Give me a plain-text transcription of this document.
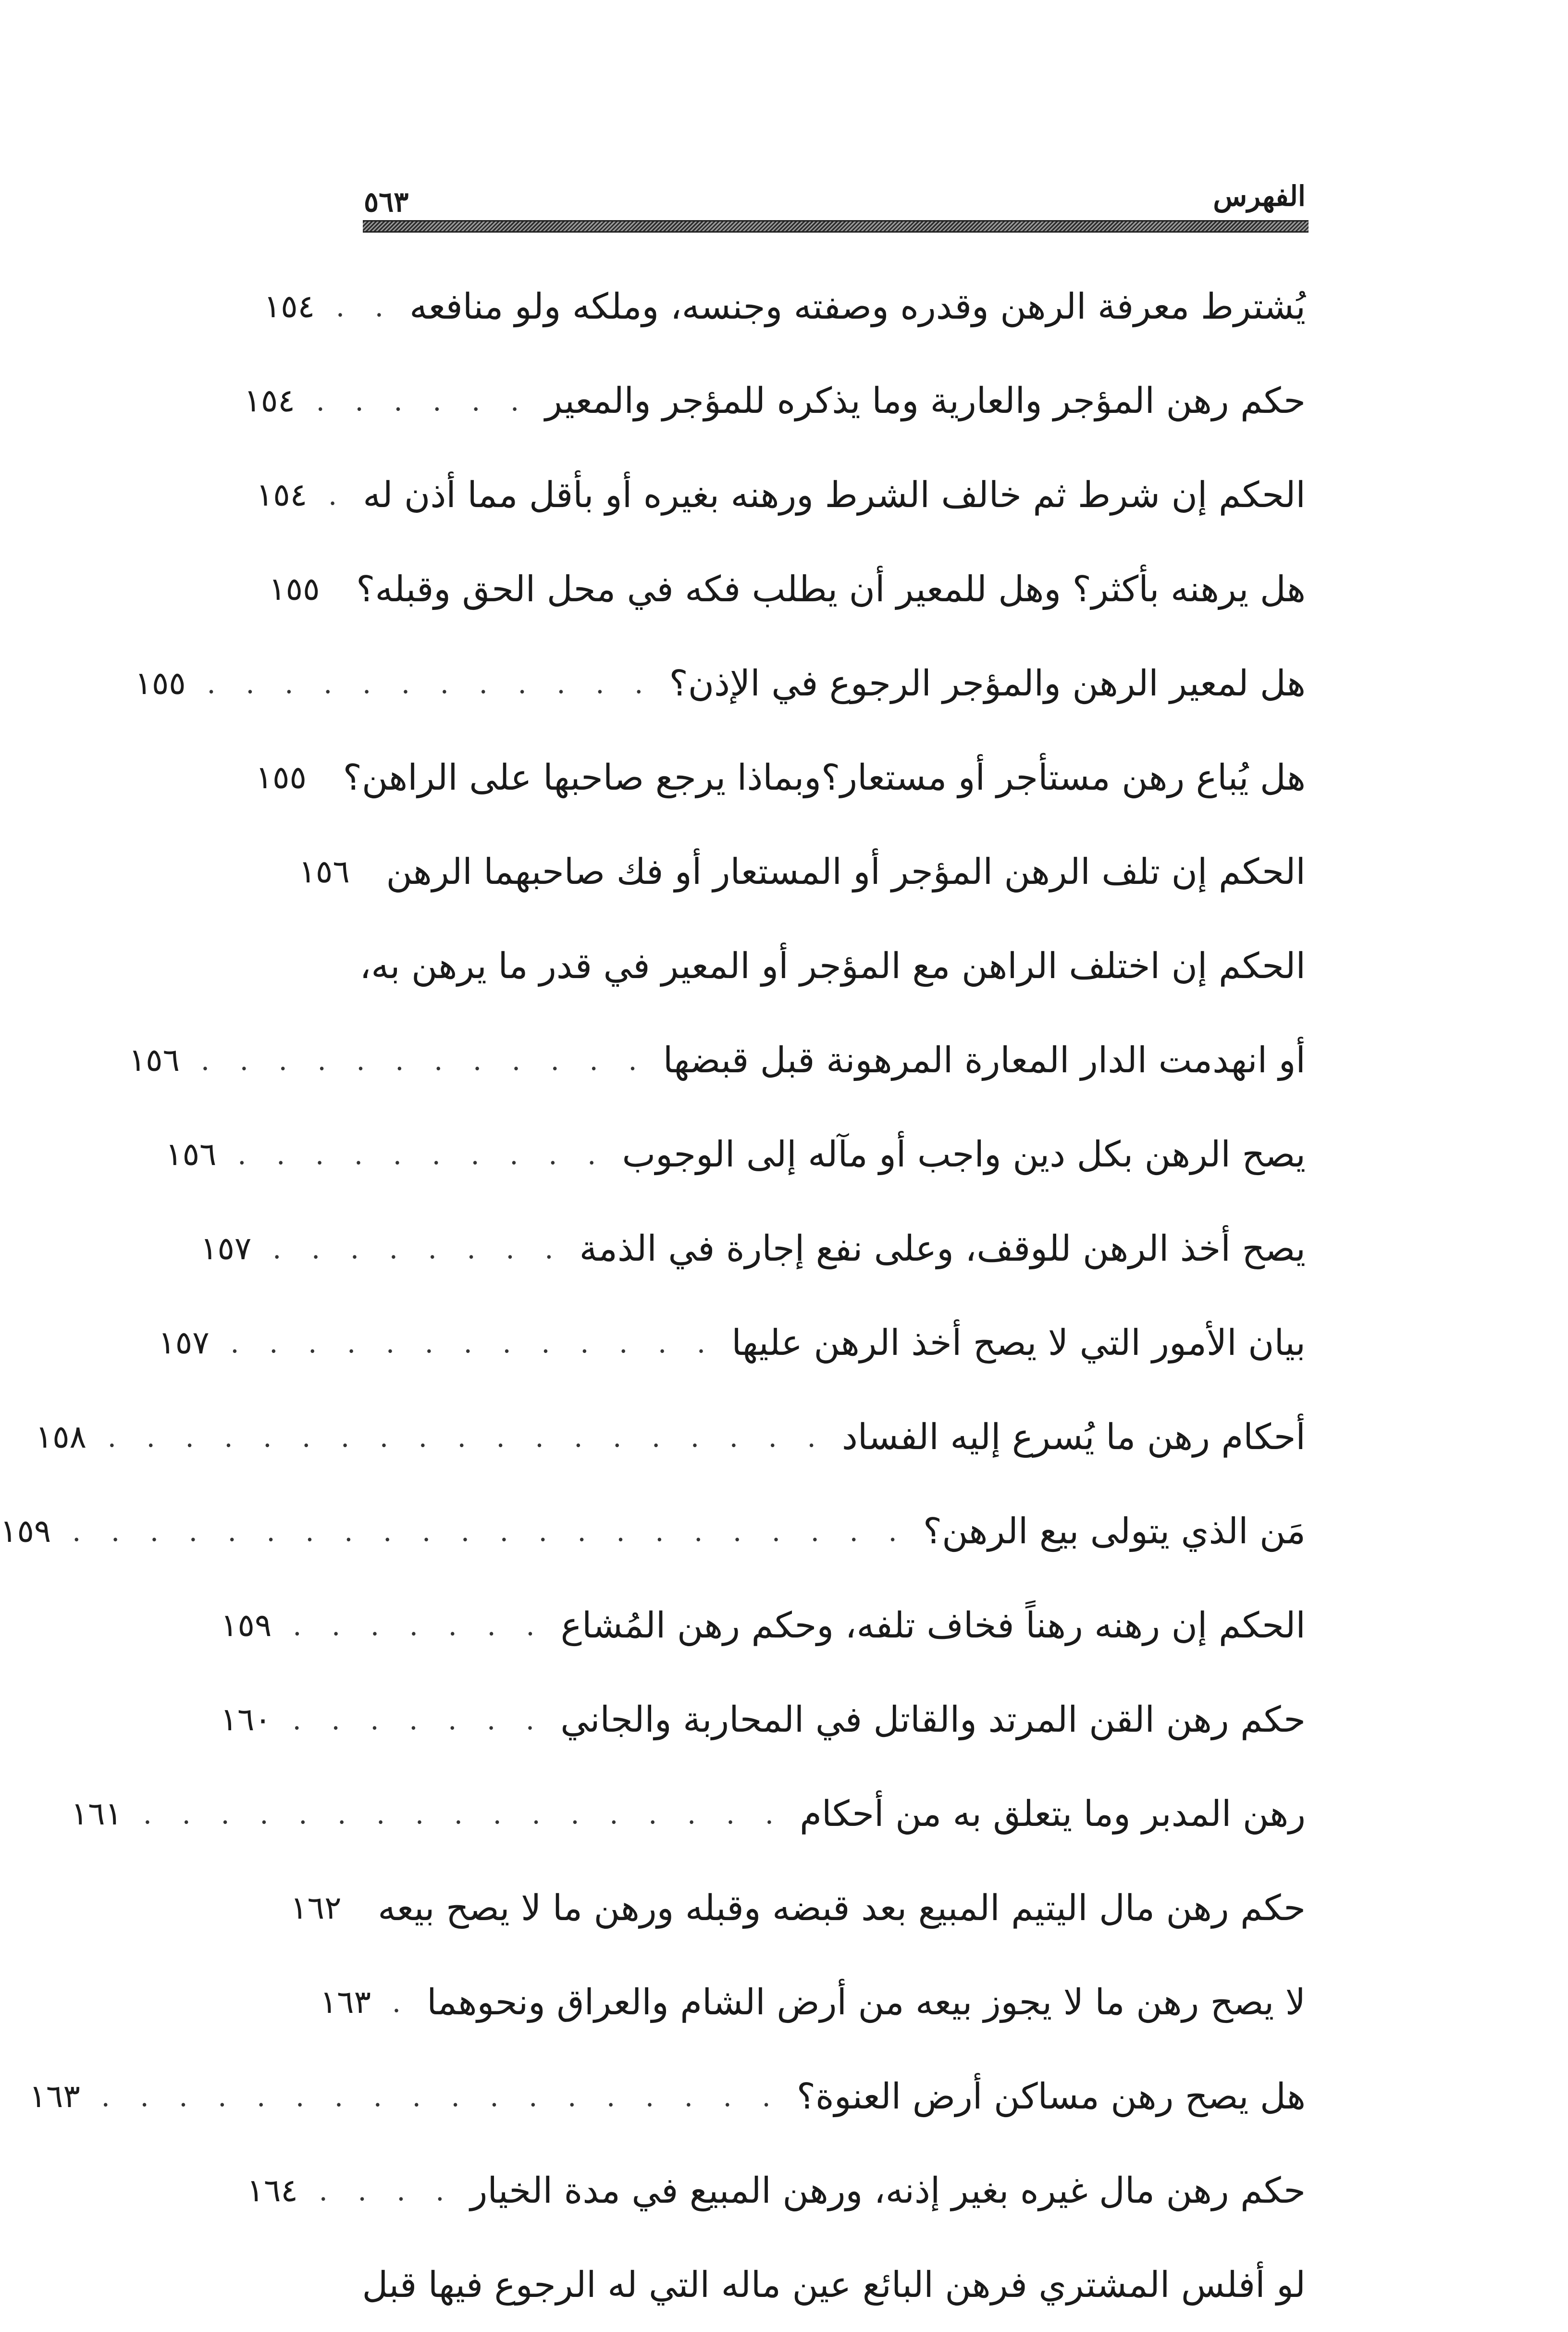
الفهرس
٥٦٣
يُشترط معرفة الرهن وقدره وصفته وجنسه، وملكه ولو منافعه
. .
١٥٤
حكم رهن المؤجر والعارية وما يذكره للمؤجر والمعير
. . . . . .
١٥٤
الحكم إن شرط ثم خالف الشرط ورهنه بغيره أو بأقل مما أذن له
.
١٥٤
هل يرهنه بأكثر؟ وهل للمعير أن يطلب فكه في محل الحق وقبله؟
١٥٥
هل لمعير الرهن والمؤجر الرجوع في الإذن؟
. . . . . . . . . . . .
١٥٥
هل يُباع رهن مستأجر أو مستعار؟وبماذا يرجع صاحبها على الراهن؟
١٥٥
الحكم إن تلف الرهن المؤجر أو المستعار أو فك صاحبهما الرهن
١٥٦
الحكم إن اختلف الراهن مع المؤجر أو المعير في قدر ما يرهن به،
أو انهدمت الدار المعارة المرهونة قبل قبضها
. . . . . . . . . . . .
١٥٦
يصح الرهن بكل دين واجب أو مآله إلى الوجوب
. . . . . . . . . .
١٥٦
يصح أخذ الرهن للوقف، وعلى نفع إجارة في الذمة
. . . . . . . .
١٥٧
بيان الأمور التي لا يصح أخذ الرهن عليها
. . . . . . . . . . . . .
١٥٧
أحكام رهن ما يُسرع إليه الفساد
. . . . . . . . . . . . . . . . . . .
١٥٨
مَن الذي يتولى بيع الرهن؟
. . . . . . . . . . . . . . . . . . . . . .
١٥٩
الحكم إن رهنه رهناً فخاف تلفه، وحكم رهن المُشاع
. . . . . . .
١٥٩
حكم رهن القن المرتد والقاتل في المحاربة والجاني
. . . . . . .
١٦٠
رهن المدبر وما يتعلق به من أحكام
. . . . . . . . . . . . . . . . .
١٦١
حكم رهن مال اليتيم المبيع بعد قبضه وقبله ورهن ما لا يصح بيعه
١٦٢
لا يصح رهن ما لا يجوز بيعه من أرض الشام والعراق ونحوهما
.
١٦٣
هل يصح رهن مساكن أرض العنوة؟
. . . . . . . . . . . . . . . . . .
١٦٣
حكم رهن مال غيره بغير إذنه، ورهن المبيع في مدة الخيار
. . . .
١٦٤
لو أفلس المشتري فرهن البائع عين ماله التي له الرجوع فيها قبل
